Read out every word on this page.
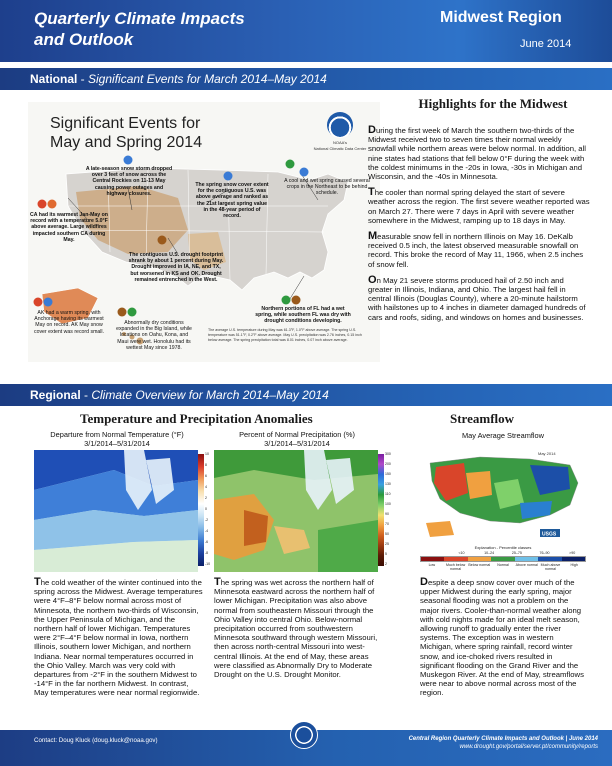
Quarterly Climate Impacts
and Outlook
Midwest Region
June 2014
National - Significant Events for March 2014–May 2014
Significant Events for
May and Spring 2014	NOAA's
National Climatic Data Center
A late-season snow storm dropped over 3 feet of snow across the Central Rockies on 11-13 May causing power outages and highway closures.
The spring snow cover extent for the contiguous U.S. was above average and ranked as the 21st largest spring value in the 48-year period of record.
A cool and wet spring caused several crops in the Northeast to be behind schedule.
CA had its warmest Jan-May on record with a temperature 5.0°F above average. Large wildfires impacted southern CA during May.
The contiguous U.S. drought footprint shrank by about 1 percent during May. Drought improved in IA, NE, and TX, but worsened in KS and OK. Drought remained entrenched in the West.
Northern portions of FL had a wet spring, while southern FL was dry with drought conditions developing.
AK had a warm spring, with Anchorage having its warmest May on record. AK May snow cover extent was record small.
Abnormally dry conditions expanded in the Big Island, while locations on Oahu, Kona, and Maui were wet. Honolulu had its wettest May since 1978.
The average U.S. temperature during May was 61.3°F, 1.0°F above average. The spring U.S. temperature was 51.1°F, 0.2°F above average. May U.S. precipitation was 2.76 inches, 0.15 inch below average. The spring precipitation total was 8.01 inches, 0.07 inch above average.
Highlights for the Midwest

During the first week of March the southern two-thirds of the Midwest received two to seven times their normal weekly snowfall while northern areas were below normal. In addition, all nine states had stations that fell below 0°F during the week with the coldest minimums in the -20s in Iowa, -30s in Michigan and Wisconsin, and the -40s in Minnesota.

The cooler than normal spring delayed the start of severe weather across the region. The first severe weather reported was on March 27. There were 7 days in April with severe weather somewhere in the Midwest, ramping up to 18 days in May.

Measurable snow fell in northern Illinois on May 16. DeKalb received 0.5 inch, the latest observed measurable snowfall on record. This broke the record of May 11, 1966, when 2.5 inches of snow fell.

On May 21 severe storms produced hail of 2.50 inch and greater in Illinois, Indiana, and Ohio. The largest hail fell in central Illinois (Douglas County), where a 20-minute hailstorm with hailstones up to 4 inches in diameter damaged hundreds of cars and roofs, siding, and windows on homes and businesses.

Regional - Climate Overview for March 2014–May 2014
Temperature and Precipitation Anomalies
Departure from Normal Temperature (°F)
3/1/2014–5/31/2014
10
8
6
4
2
0
-2
-4
-6
-8
-10
Percent of Normal Precipitation (%)
3/1/2014–5/31/2014
300
200
150
130
110
100
90
70
50
25
5
2
The cold weather of the winter continued into the spring across the Midwest. Average temperatures were 4°F–8°F below normal across most of Minnesota, the northern two-thirds of Wisconsin, the Upper Peninsula of Michigan, and the northern half of lower Michigan. Temperatures were 2°F–4°F below normal in Iowa, northern Illinois, southern lower Michigan, and northern Indiana. Near normal temperatures occurred in the Ohio Valley. March was very cold with departures from -2°F in the southern Midwest to -14°F in the far northern Midwest. In contrast, May temperatures were near normal regionwide.
The spring was wet across the northern half of Minnesota eastward across the northern half of lower Michigan. Precipitation was also above normal from southeastern Missouri through the Ohio Valley into central Ohio. Below-normal precipitation occurred from southwestern Minnesota southward through western Missouri, then across north-central Missouri into west-central Illinois. At the end of May, these areas were classified as Abnormally Dry to Moderate Drought on the U.S. Drought Monitor.
Streamflow
May Average Streamflow
May 2014
USGS
Explanation - Percentile classes
<10	10–24	25–75	76–90	>90
Low	Much below normal
Below normal	Normal	Above normal Much above normal
High
Despite a deep snow cover over much of the upper Midwest during the early spring, major seasonal flooding was not a problem on the major rivers. Cooler-than-normal weather along with cold nights made for an ideal melt season, allowing runoff to gradually enter the river systems. The exception was in western Michigan, where spring rainfall, record winter snow, and ice-choked rivers resulted in significant flooding on the Grand River and the Muskegon River. At the end of May, streamflows were near to above normal across most of the region.
Contact: Doug Kluck (doug.kluck@noaa.gov)	Central Region Quarterly Climate Impacts and Outlook | June 2014
www.drought.gov/portal/server.pt/community/reports
